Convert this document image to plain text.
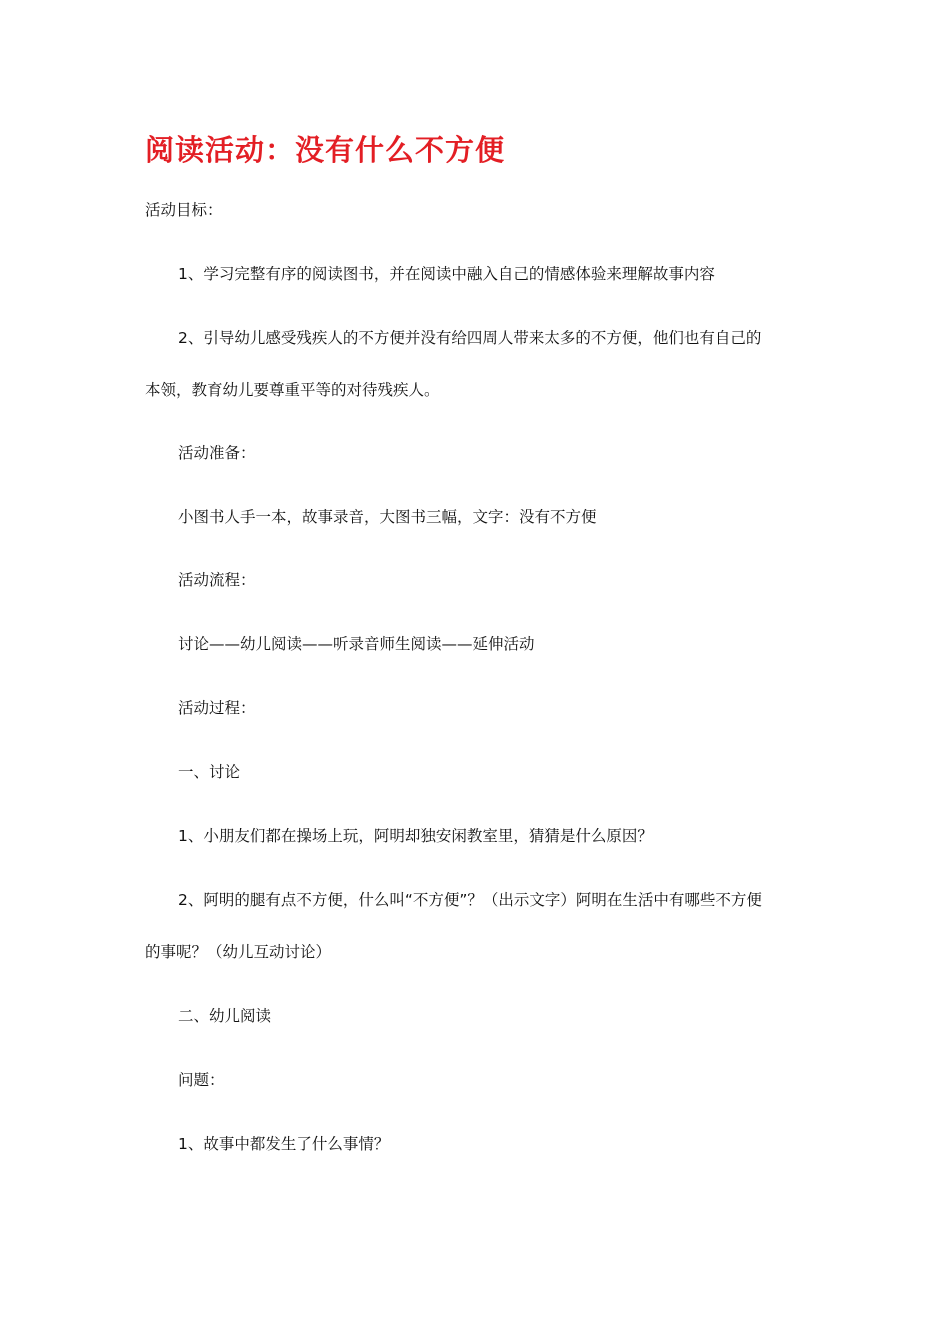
阅读活动：没有什么不方便
活动目标：
1、学习完整有序的阅读图书，并在阅读中融入自己的情感体验来理解故事内容
2、引导幼儿感受残疾人的不方便并没有给四周人带来太多的不方便，他们也有自己的
本领，教育幼儿要尊重平等的对待残疾人。
活动准备：
小图书人手一本，故事录音，大图书三幅，文字：没有不方便
活动流程：
讨论——幼儿阅读——听录音师生阅读——延伸活动
活动过程：
一、讨论
1、小朋友们都在操场上玩，阿明却独安闲教室里，猜猜是什么原因？
2、阿明的腿有点不方便，什么叫“不方便”？（出示文字）阿明在生活中有哪些不方便
的事呢？（幼儿互动讨论）
二、幼儿阅读
问题：
1、故事中都发生了什么事情？
